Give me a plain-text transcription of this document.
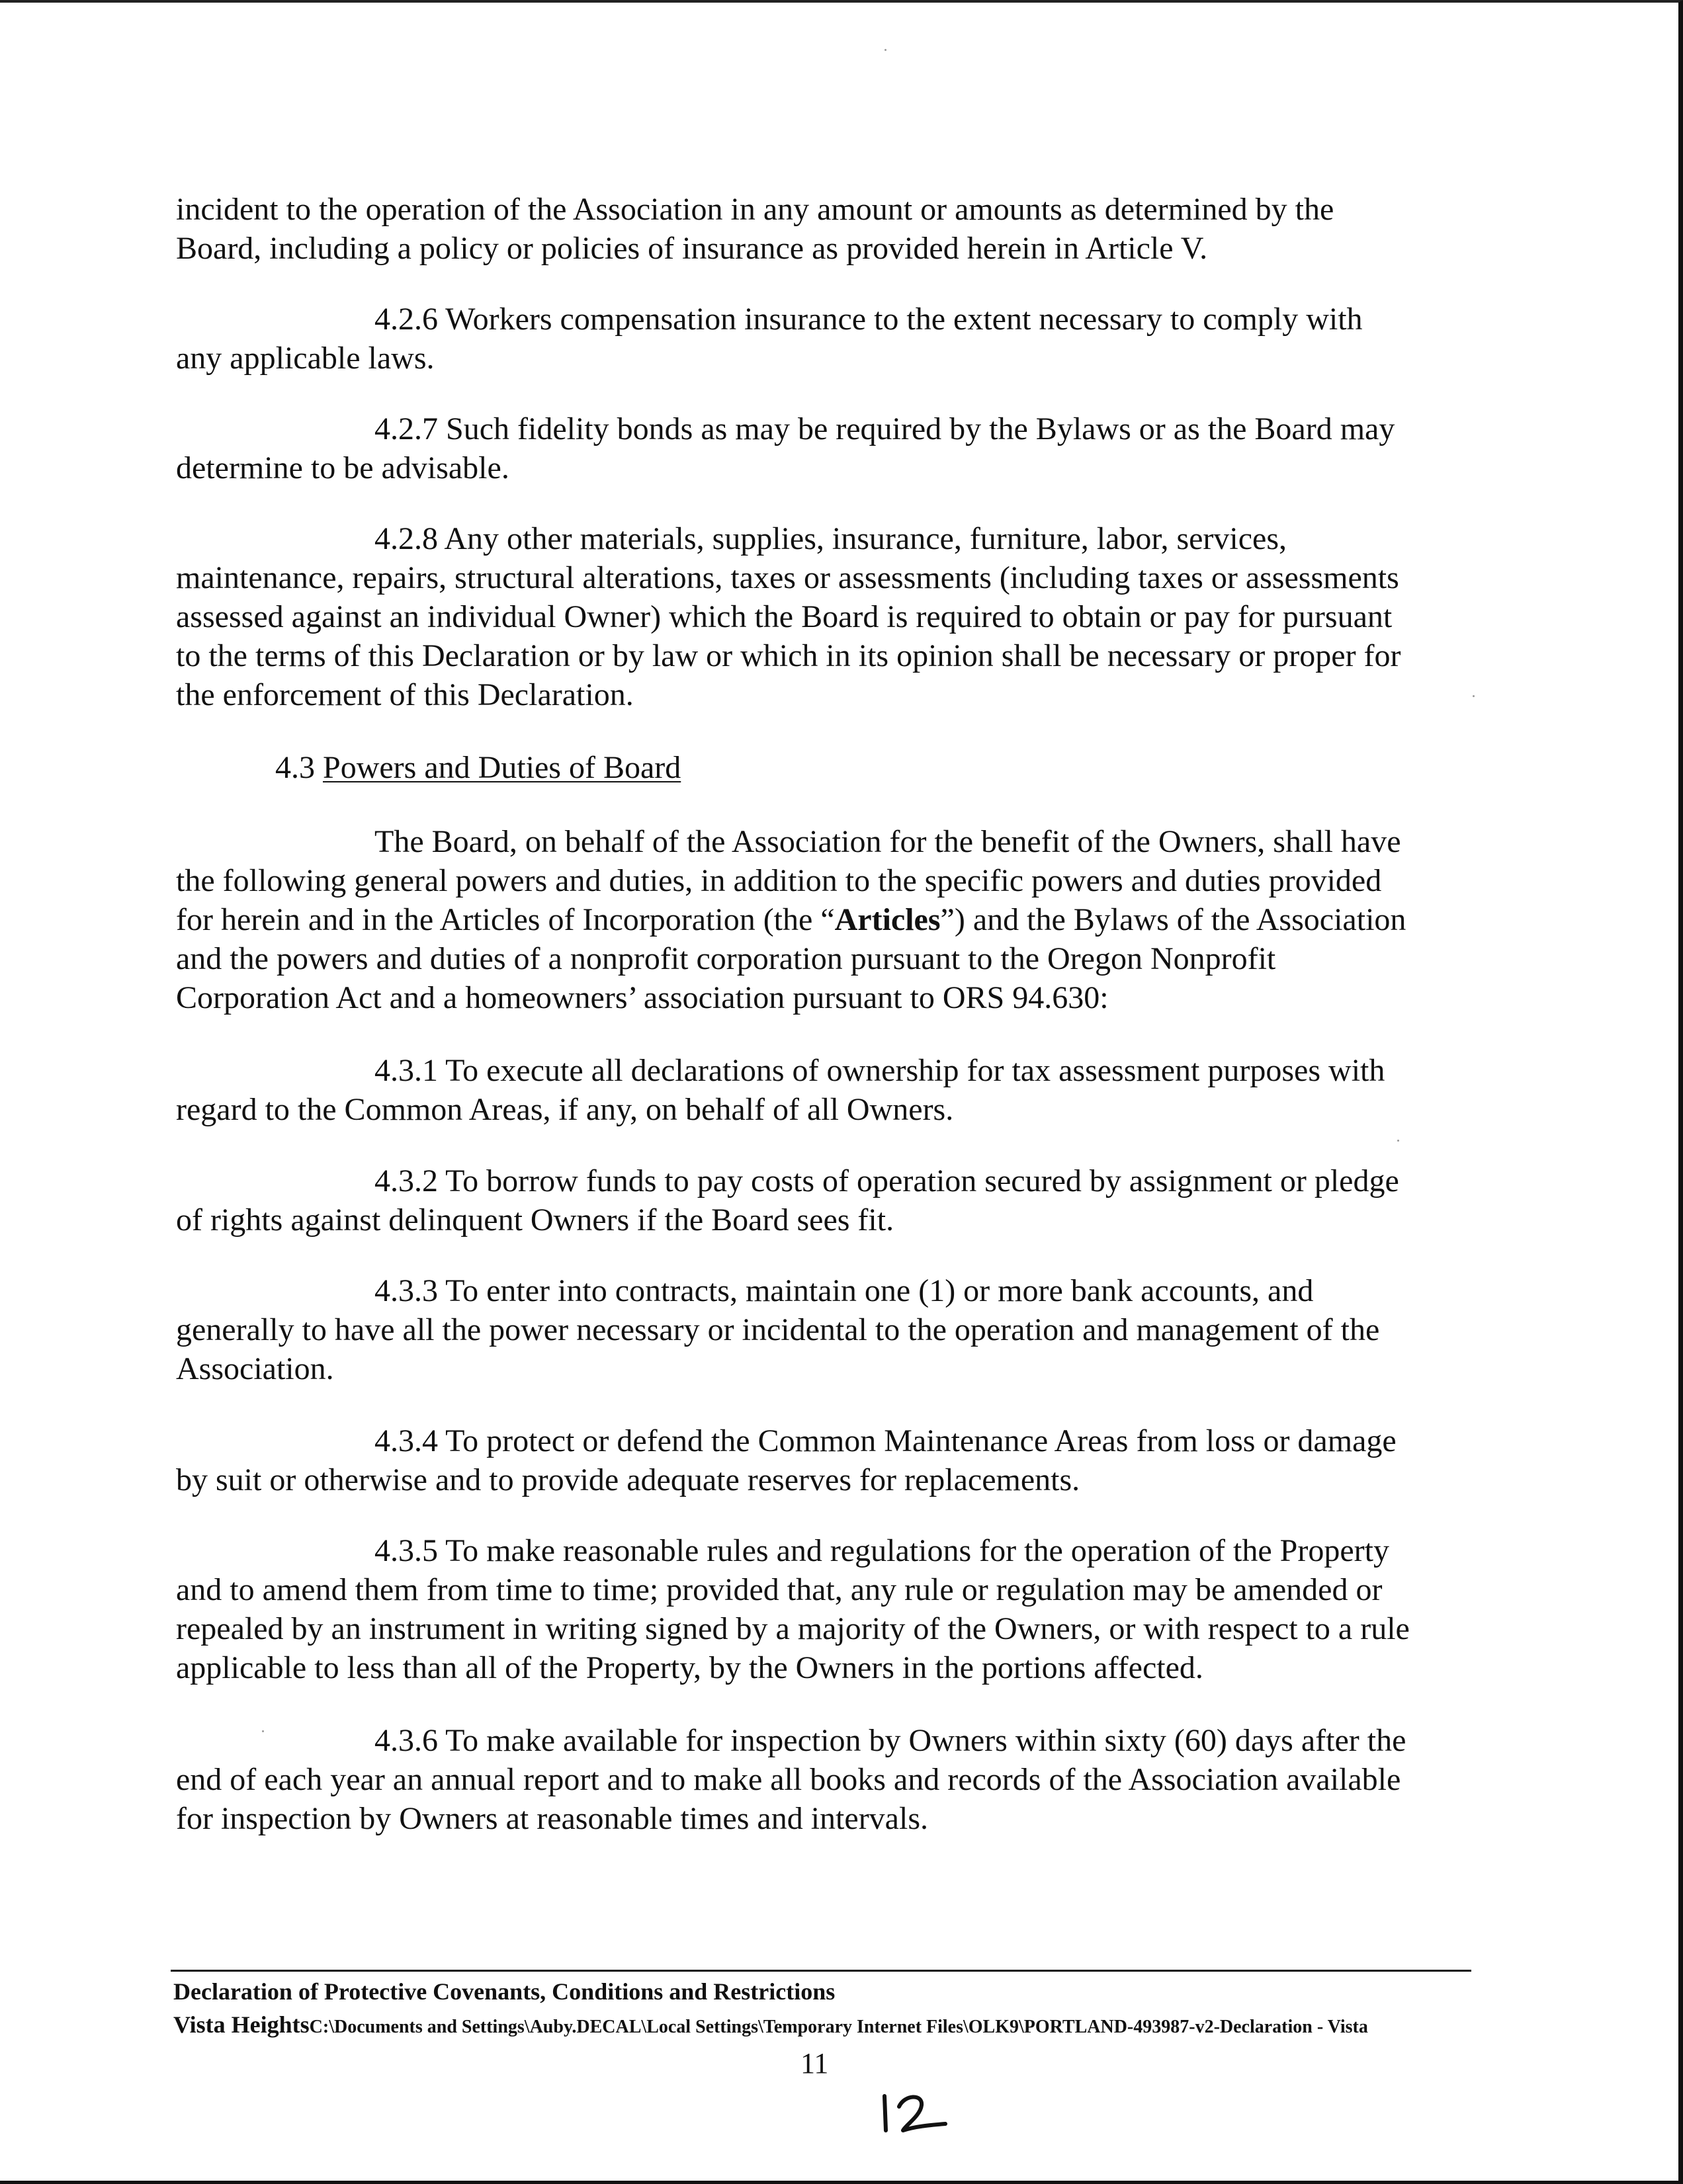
incident to the operation of the Association in any amount or amounts as determined by the
Board, including a policy or policies of insurance as provided herein in Article V.
4.2.6 Workers compensation insurance to the extent necessary to comply with
any applicable laws.
4.2.7 Such fidelity bonds as may be required by the Bylaws or as the Board may
determine to be advisable.
4.2.8 Any other materials, supplies, insurance, furniture, labor, services,
maintenance, repairs, structural alterations, taxes or assessments (including taxes or assessments
assessed against an individual Owner) which the Board is required to obtain or pay for pursuant
to the terms of this Declaration or by law or which in its opinion shall be necessary or proper for
the enforcement of this Declaration.
4.3 Powers and Duties of Board
The Board, on behalf of the Association for the benefit of the Owners, shall have
the following general powers and duties, in addition to the specific powers and duties provided
for herein and in the Articles of Incorporation (the “Articles”) and the Bylaws of the Association
and the powers and duties of a nonprofit corporation pursuant to the Oregon Nonprofit
Corporation Act and a homeowners’ association pursuant to ORS 94.630:
4.3.1 To execute all declarations of ownership for tax assessment purposes with
regard to the Common Areas, if any, on behalf of all Owners.
4.3.2 To borrow funds to pay costs of operation secured by assignment or pledge
of rights against delinquent Owners if the Board sees fit.
4.3.3 To enter into contracts, maintain one (1) or more bank accounts, and
generally to have all the power necessary or incidental to the operation and management of the
Association.
4.3.4 To protect or defend the Common Maintenance Areas from loss or damage
by suit or otherwise and to provide adequate reserves for replacements.
4.3.5 To make reasonable rules and regulations for the operation of the Property
and to amend them from time to time; provided that, any rule or regulation may be amended or
repealed by an instrument in writing signed by a majority of the Owners, or with respect to a rule
applicable to less than all of the Property, by the Owners in the portions affected.
4.3.6 To make available for inspection by Owners within sixty (60) days after the
end of each year an annual report and to make all books and records of the Association available
for inspection by Owners at reasonable times and intervals.
Declaration of Protective Covenants, Conditions and Restrictions
Vista HeightsC:\Documents and Settings\Auby.DECAL\Local Settings\Temporary Internet Files\OLK9\PORTLAND-493987-v2-Declaration - Vista
11
